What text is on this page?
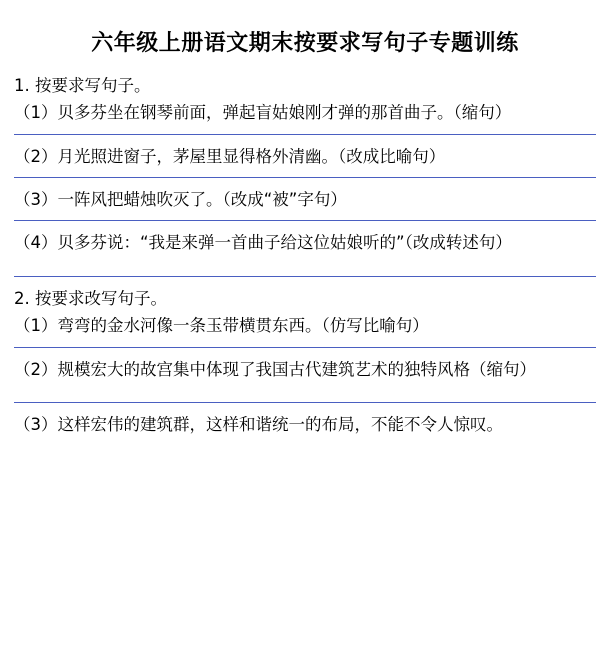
六年级上册语文期末按要求写句子专题训练
1. 按要求写句子。
（1）贝多芬坐在钢琴前面，弹起盲姑娘刚才弹的那首曲子。（缩句）
（2）月光照进窗子，茅屋里显得格外清幽。（改成比喻句）
（3）一阵风把蜡烛吹灭了。（改成“被”字句）
（4）贝多芬说：“我是来弹一首曲子给这位姑娘听的”（改成转述句）
2. 按要求改写句子。
（1）弯弯的金水河像一条玉带横贯东西。（仿写比喻句）
（2）规模宏大的故宫集中体现了我国古代建筑艺术的独特风格（缩句）
（3）这样宏伟的建筑群，这样和谐统一的布局，不能不令人惊叹。
